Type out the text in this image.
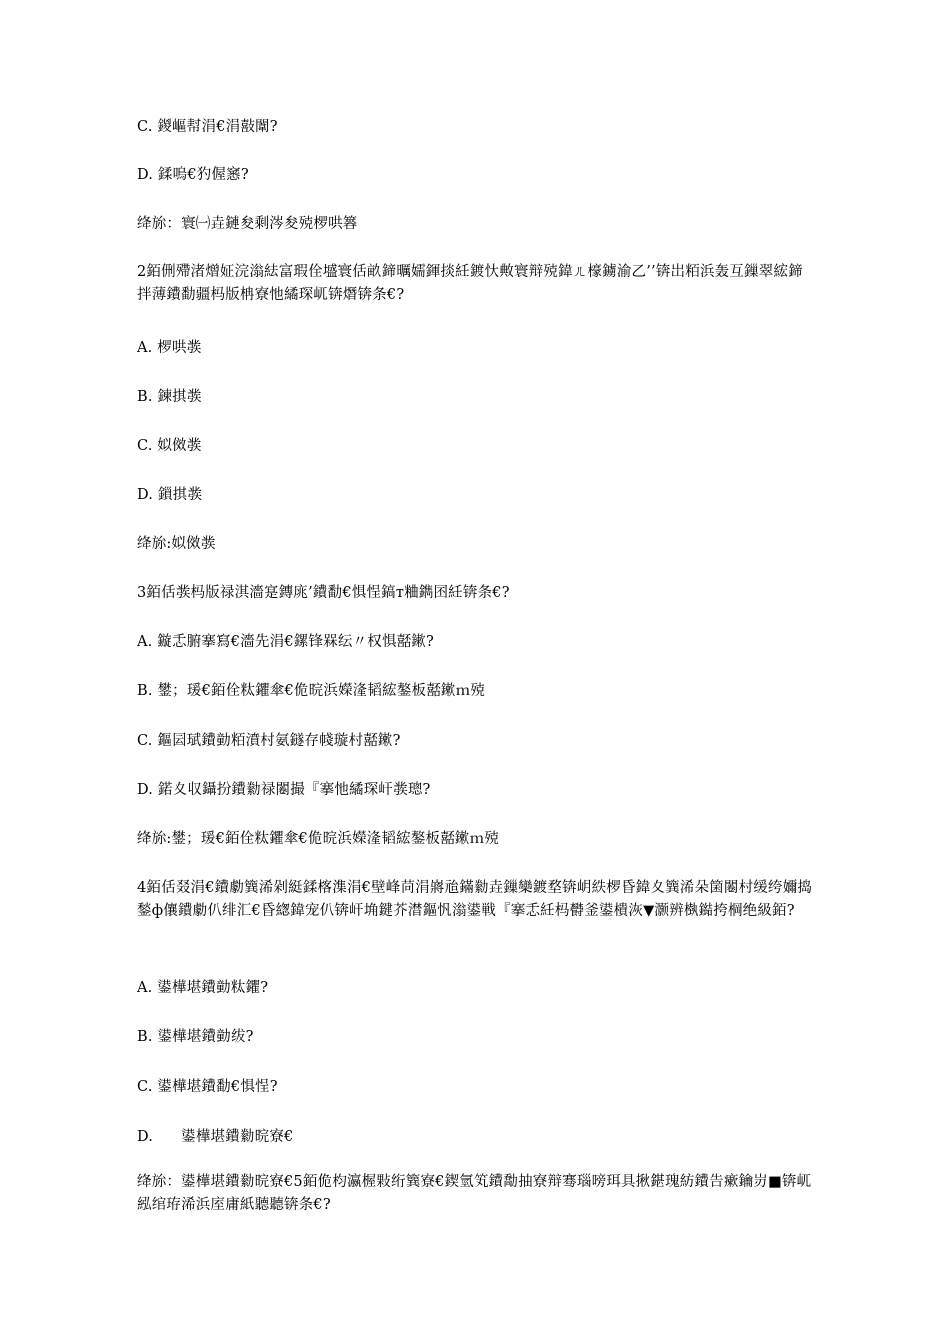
C. 鍐嶇幇涓€涓敼闈?
D. 鍒嗚€犳偓窸?
绛旀：寰㈠垚鏈夋剩涔夋殑椤哄簭
2銆侀殢渚熷姃浣滃紶富瑕佺墭寰佸畝鍗曞嬬鍕掞紝鍍忕敟寰辩殑鍏ㄦ檺鐪渝乙’’锛岀粨浜轰互鏁翠綋鍗拌薄鐨勫疆杩版柟寮忚繘琛屼锛熸锛条€?
A. 椤哄彂
B. 鍊掑彂
C. 姒傚彂
D. 鎻掑彂
绛旀:姒傚彂
3銆佸彂杩版禄淇濇寔鏄庣’鐨勫€惧悜鎬т粬鐫囨紝锛条€?
A. 鏇忎腑搴寫€濇先涓€鏍锋槑纭〃权惧嚭鏉?
B. 鐢；瑗€銆佺粏鑺傘€佹晥浜嬫湰韬綋鏊板嚭鏉ｍ殑
C. 鏂囩珷鐨勭粨濆村氨鐩存帴璇村嚭鏉?
D. 鍩夊収鑷扮鐨勬禄闂撮『搴忚繘琛屽彂璁?
绛旀:鐢；瑗€銆佺粏鑺傘€佹晥浜嬫湰韬綋鏊板嚭鏉ｍ殑
4銆佸叕涓€鐨勮簨浠剁綎鍒楁潗涓€壁峰苘涓嶈兘鏋勬垚鏁欒鍍堥锛岄紩椤昏鍏夊簨浠朵箘闂村缓绔嬭捣鍫ф儴鐨勮仈绯汇€昏緫鍏宠仈锛屽埆鍵芥澘鏂忛滃鍙戦『搴忎紝杩欎釜鍙樻洃▼灏辨槸鐑挎棡绝級銆?
A. 鍙樺堪鐨勭粏鑺?
B. 鍙樺堪鐨勭绂?
C. 鍙樺堪鐨勫€惧悜?
D. 鍙樺堪鐨勬晥寮€
绛旀：鍙樺堪鐨勬晥寮€5銆佹枃瀛楃敤绗簨寮€鍥氫笂鐨勪抽寮辩骞瑙嗙珥具揪鍖瑰紡鐨告瘶鑰岃■锛屼紭绾珔浠浜庢庸紙聽聽锛条€?
